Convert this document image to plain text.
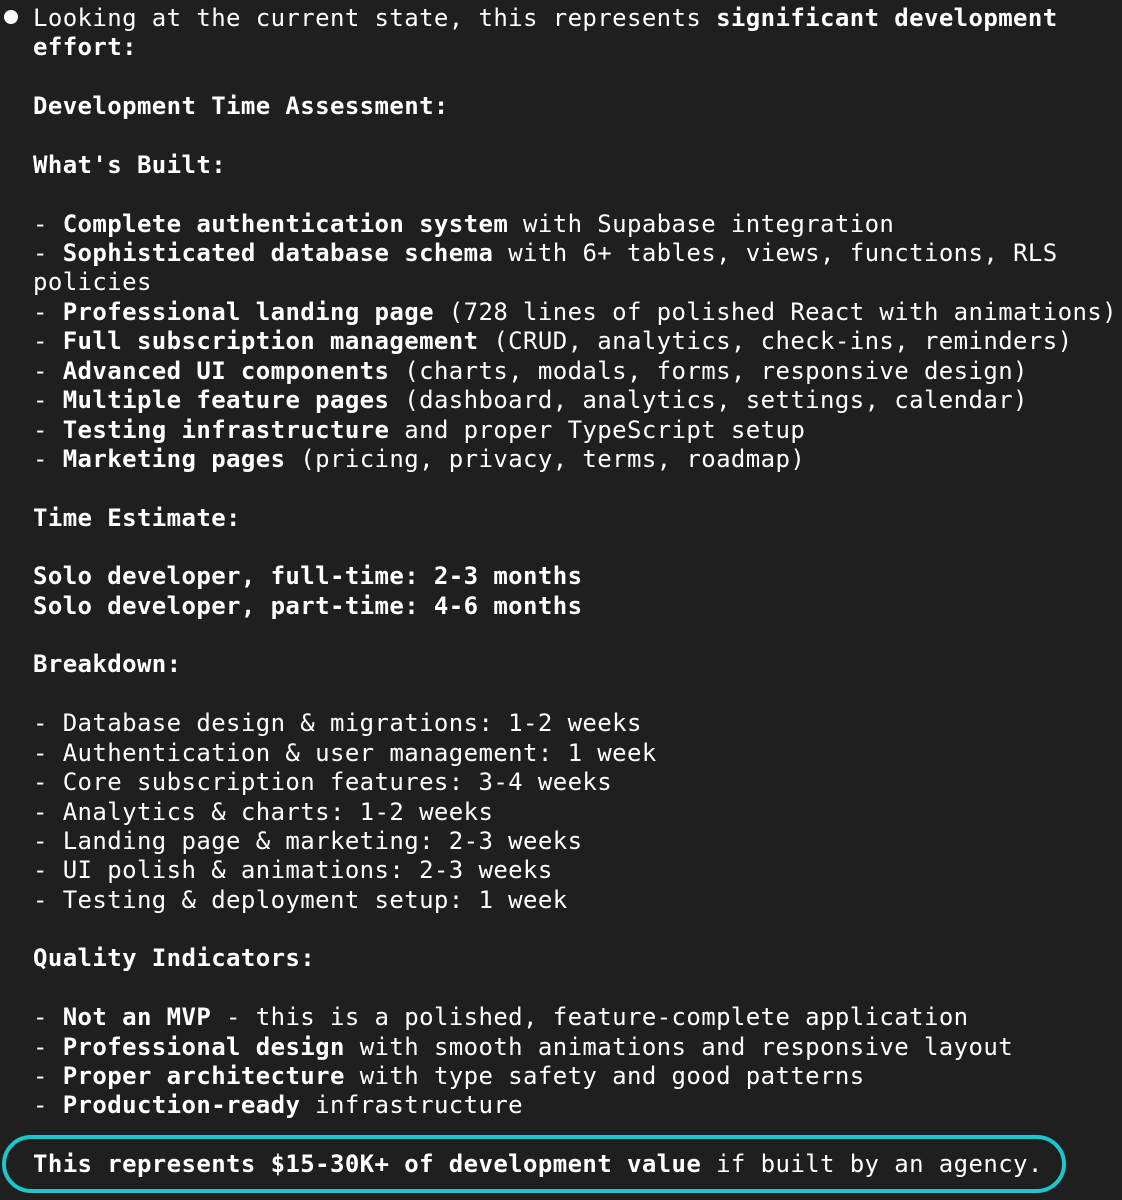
Looking at the current state, this represents significant development
effort:
Development Time Assessment:
What's Built:
- Complete authentication system with Supabase integration
- Sophisticated database schema with 6+ tables, views, functions, RLS
policies
- Professional landing page (728 lines of polished React with animations)
- Full subscription management (CRUD, analytics, check-ins, reminders)
- Advanced UI components (charts, modals, forms, responsive design)
- Multiple feature pages (dashboard, analytics, settings, calendar)
- Testing infrastructure and proper TypeScript setup
- Marketing pages (pricing, privacy, terms, roadmap)
Time Estimate:
Solo developer, full-time: 2-3 months
Solo developer, part-time: 4-6 months
Breakdown:
- Database design & migrations: 1-2 weeks
- Authentication & user management: 1 week
- Core subscription features: 3-4 weeks
- Analytics & charts: 1-2 weeks
- Landing page & marketing: 2-3 weeks
- UI polish & animations: 2-3 weeks
- Testing & deployment setup: 1 week
Quality Indicators:
- Not an MVP - this is a polished, feature-complete application
- Professional design with smooth animations and responsive layout
- Proper architecture with type safety and good patterns
- Production-ready infrastructure
This represents $15-30K+ of development value if built by an agency.
